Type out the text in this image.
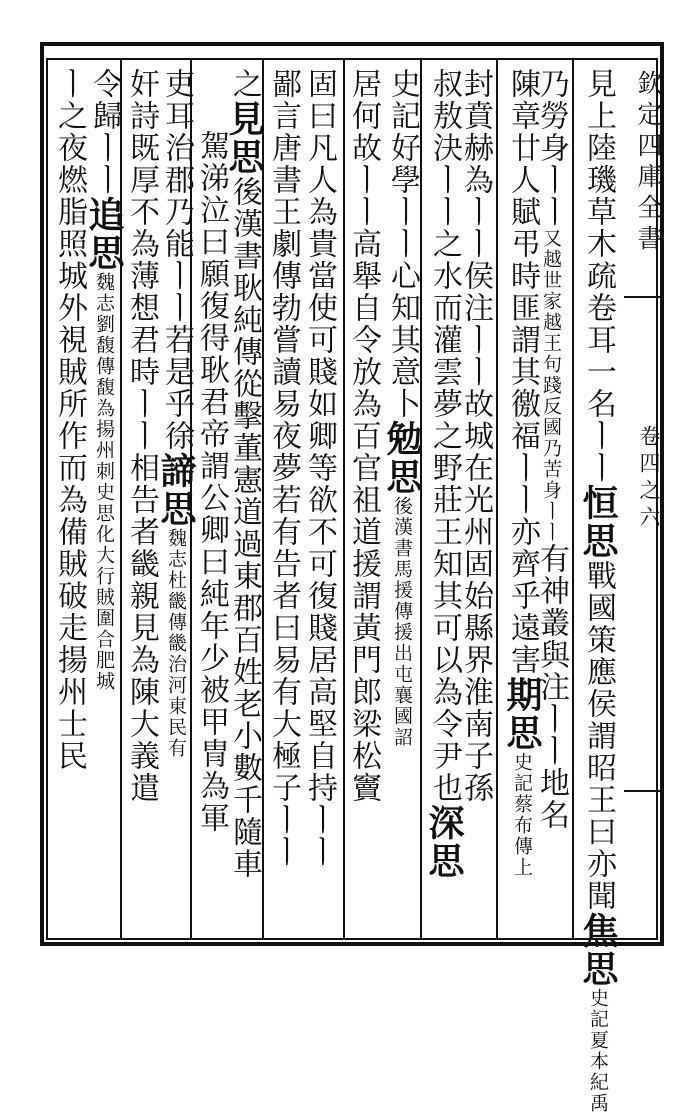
欽定四庫全書
卷四之六
見上陸璣草木疏卷耳一名ㅣㅣ恒思戰國策應侯謂昭王曰亦聞焦思史記夏本紀禹
乃勞身ㅣㅣ又越世家越王句踐反國乃苦身ㅣㅣ有神叢與注ㅣㅣ地名
陳章廿人賦弔時匪謂其徼福ㅣㅣ亦齊乎遠害期思史記蔡布傳上
封賁赫為ㅣㅣ侯注ㅣㅣ故城在光州固始縣界淮南子孫
叔敖決ㅣㅣ之水而灌雲夢之野莊王知其可以為令尹也深思
史記好學ㅣㅣ心知其意卜勉思後漢書馬援傳援出屯襄國詔
居何故ㅣㅣ高舉自令放為百官祖道援謂黃門郎梁松竇
固曰凡人為貴當使可賤如卿等欲不可復賤居高堅自持ㅣㅣ
鄙言唐書王劇傳勃嘗讀易夜夢若有告者曰易有大極子ㅣㅣ
之見思後漢書耿純傳從擊董憲道過東郡百姓老小數千隨車
駕涕泣曰願復得耿君帝謂公卿曰純年少被甲冑為軍
吏耳治郡乃能ㅣㅣ若是乎徐諦思魏志杜畿傳畿治河東民有
奸詩既厚不為薄想君時ㅣㅣ相告者畿親見為陳大義遣
令歸ㅣㅣ追思魏志劉馥傳馥為揚州刺史思化大行賊圍合肥城
ㅣ之夜燃脂照城外視賊所作而為備賊破走揚州士民
